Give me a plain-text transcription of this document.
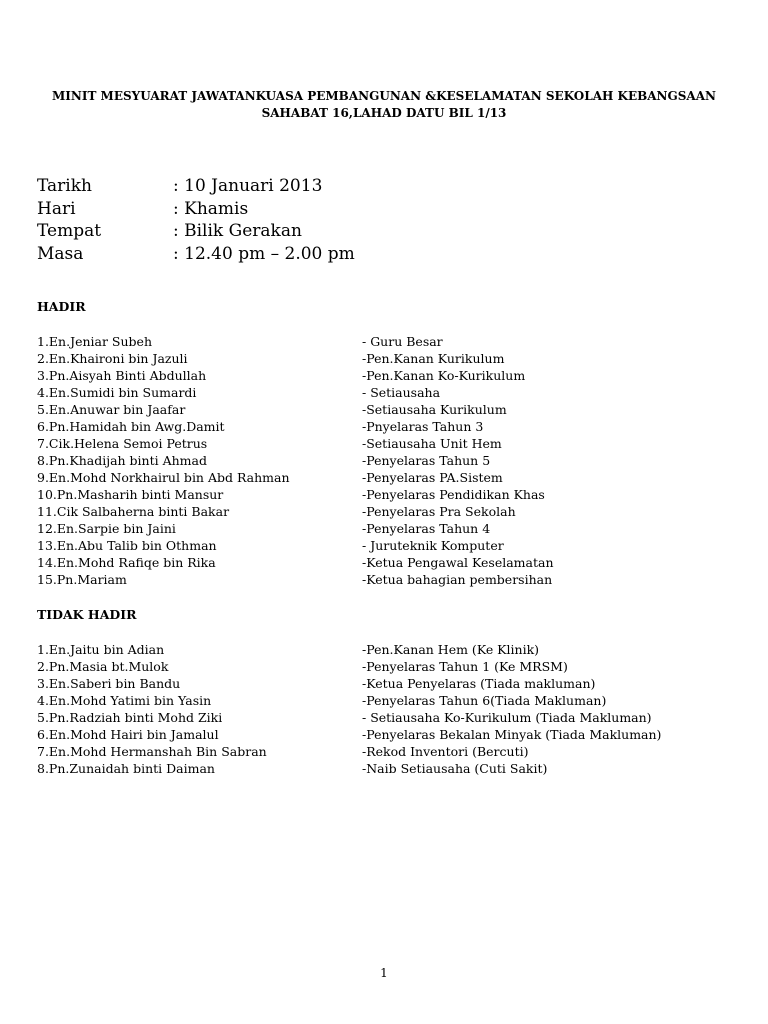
MINIT MESYUARAT JAWATANKUASA PEMBANGUNAN &KESELAMATAN SEKOLAH KEBANGSAAN
SAHABAT 16,LAHAD DATU BIL 1/13
Tarikh	: 10 Januari 2013
Hari	: Khamis
Tempat	: Bilik Gerakan
Masa	: 12.40 pm – 2.00 pm
HADIR
1.En.Jeniar Subeh	- Guru Besar
2.En.Khaironi bin Jazuli	-Pen.Kanan Kurikulum
3.Pn.Aisyah Binti Abdullah	-Pen.Kanan Ko-Kurikulum
4.En.Sumidi bin Sumardi	- Setiausaha
5.En.Anuwar bin Jaafar	-Setiausaha Kurikulum
6.Pn.Hamidah bin Awg.Damit	-Pnyelaras Tahun 3
7.Cik.Helena Semoi Petrus	-Setiausaha Unit Hem
8.Pn.Khadijah binti Ahmad	-Penyelaras Tahun 5
9.En.Mohd Norkhairul bin Abd Rahman	-Penyelaras PA.Sistem
10.Pn.Masharih binti Mansur	-Penyelaras Pendidikan Khas
11.Cik Salbaherna binti Bakar	-Penyelaras Pra Sekolah
12.En.Sarpie bin Jaini	-Penyelaras Tahun 4
13.En.Abu Talib bin Othman	- Juruteknik Komputer
14.En.Mohd Rafiqe bin Rika	-Ketua Pengawal Keselamatan
15.Pn.Mariam	-Ketua bahagian pembersihan
TIDAK HADIR
1.En.Jaitu bin Adian	-Pen.Kanan Hem (Ke Klinik)
2.Pn.Masia bt.Mulok	-Penyelaras Tahun 1 (Ke MRSM)
3.En.Saberi bin Bandu	-Ketua Penyelaras (Tiada makluman)
4.En.Mohd Yatimi bin Yasin	-Penyelaras Tahun 6(Tiada Makluman)
5.Pn.Radziah binti Mohd Ziki	- Setiausaha Ko-Kurikulum (Tiada Makluman)
6.En.Mohd Hairi bin Jamalul	-Penyelaras Bekalan Minyak (Tiada Makluman)
7.En.Mohd Hermanshah Bin Sabran	-Rekod Inventori (Bercuti)
8.Pn.Zunaidah binti Daiman	-Naib Setiausaha (Cuti Sakit)
1
